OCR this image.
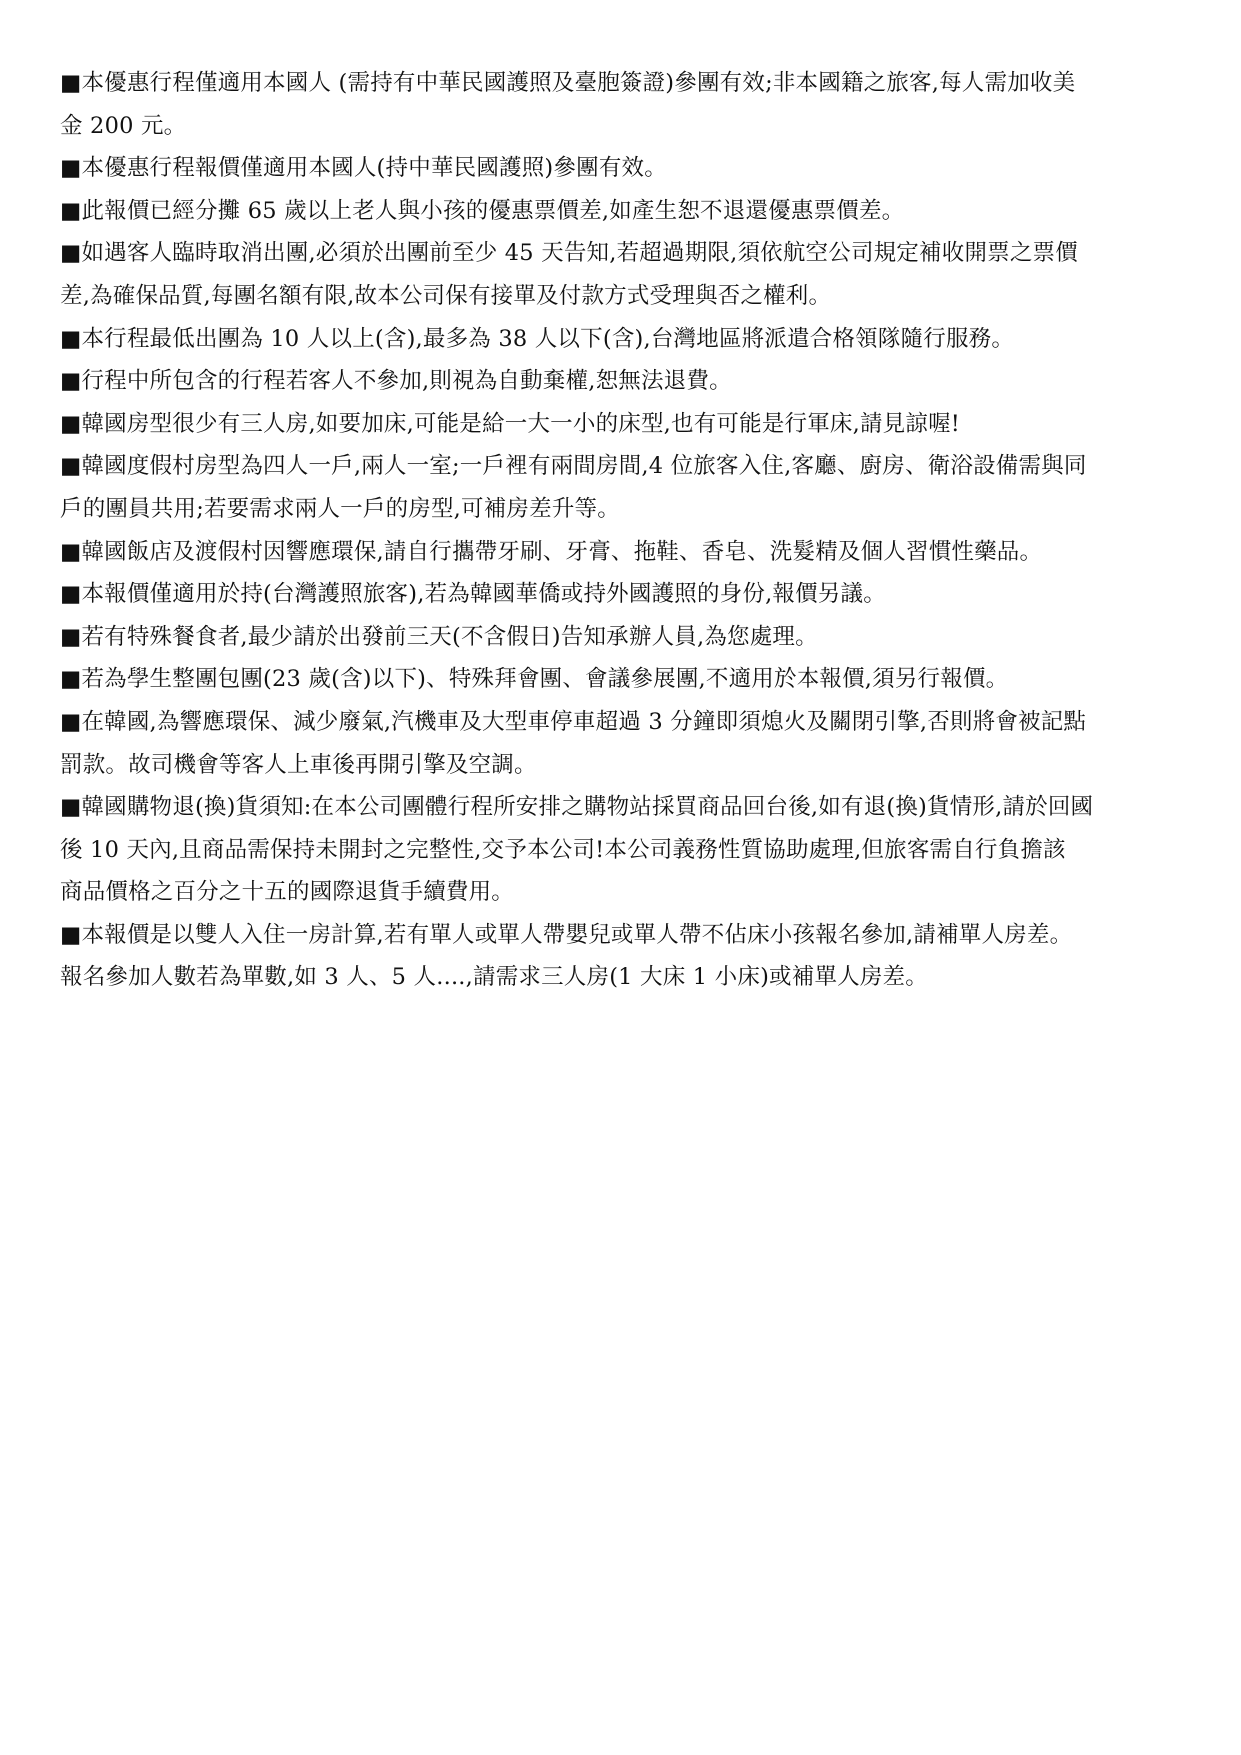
■本優惠行程僅適用本國人 (需持有中華民國護照及臺胞簽證)參團有效;非本國籍之旅客,每人需加收美
金 200 元。
■本優惠行程報價僅適用本國人(持中華民國護照)參團有效。
■此報價已經分攤 65 歲以上老人與小孩的優惠票價差,如產生恕不退還優惠票價差。
■如遇客人臨時取消出團,必須於出團前至少 45 天告知,若超過期限,須依航空公司規定補收開票之票價
差,為確保品質,每團名額有限,故本公司保有接單及付款方式受理與否之權利。
■本行程最低出團為 10 人以上(含),最多為 38 人以下(含),台灣地區將派遣合格領隊隨行服務。
■行程中所包含的行程若客人不參加,則視為自動棄權,恕無法退費。
■韓國房型很少有三人房,如要加床,可能是給一大一小的床型,也有可能是行軍床,請見諒喔!
■韓國度假村房型為四人一戶,兩人一室;一戶裡有兩間房間,4 位旅客入住,客廳、廚房、衛浴設備需與同
戶的團員共用;若要需求兩人一戶的房型,可補房差升等。
■韓國飯店及渡假村因響應環保,請自行攜帶牙刷、牙膏、拖鞋、香皂、洗髮精及個人習慣性藥品。
■本報價僅適用於持(台灣護照旅客),若為韓國華僑或持外國護照的身份,報價另議。
■若有特殊餐食者,最少請於出發前三天(不含假日)告知承辦人員,為您處理。
■若為學生整團包團(23 歲(含)以下)、特殊拜會團、會議參展團,不適用於本報價,須另行報價。
■在韓國,為響應環保、減少廢氣,汽機車及大型車停車超過 3 分鐘即須熄火及關閉引擎,否則將會被記點
罰款。故司機會等客人上車後再開引擎及空調。
■韓國購物退(換)貨須知:在本公司團體行程所安排之購物站採買商品回台後,如有退(換)貨情形,請於回國
後 10 天內,且商品需保持未開封之完整性,交予本公司!本公司義務性質協助處理,但旅客需自行負擔該
商品價格之百分之十五的國際退貨手續費用。
■本報價是以雙人入住一房計算,若有單人或單人帶嬰兒或單人帶不佔床小孩報名參加,請補單人房差。
報名參加人數若為單數,如 3 人、5 人....,請需求三人房(1 大床 1 小床)或補單人房差。
